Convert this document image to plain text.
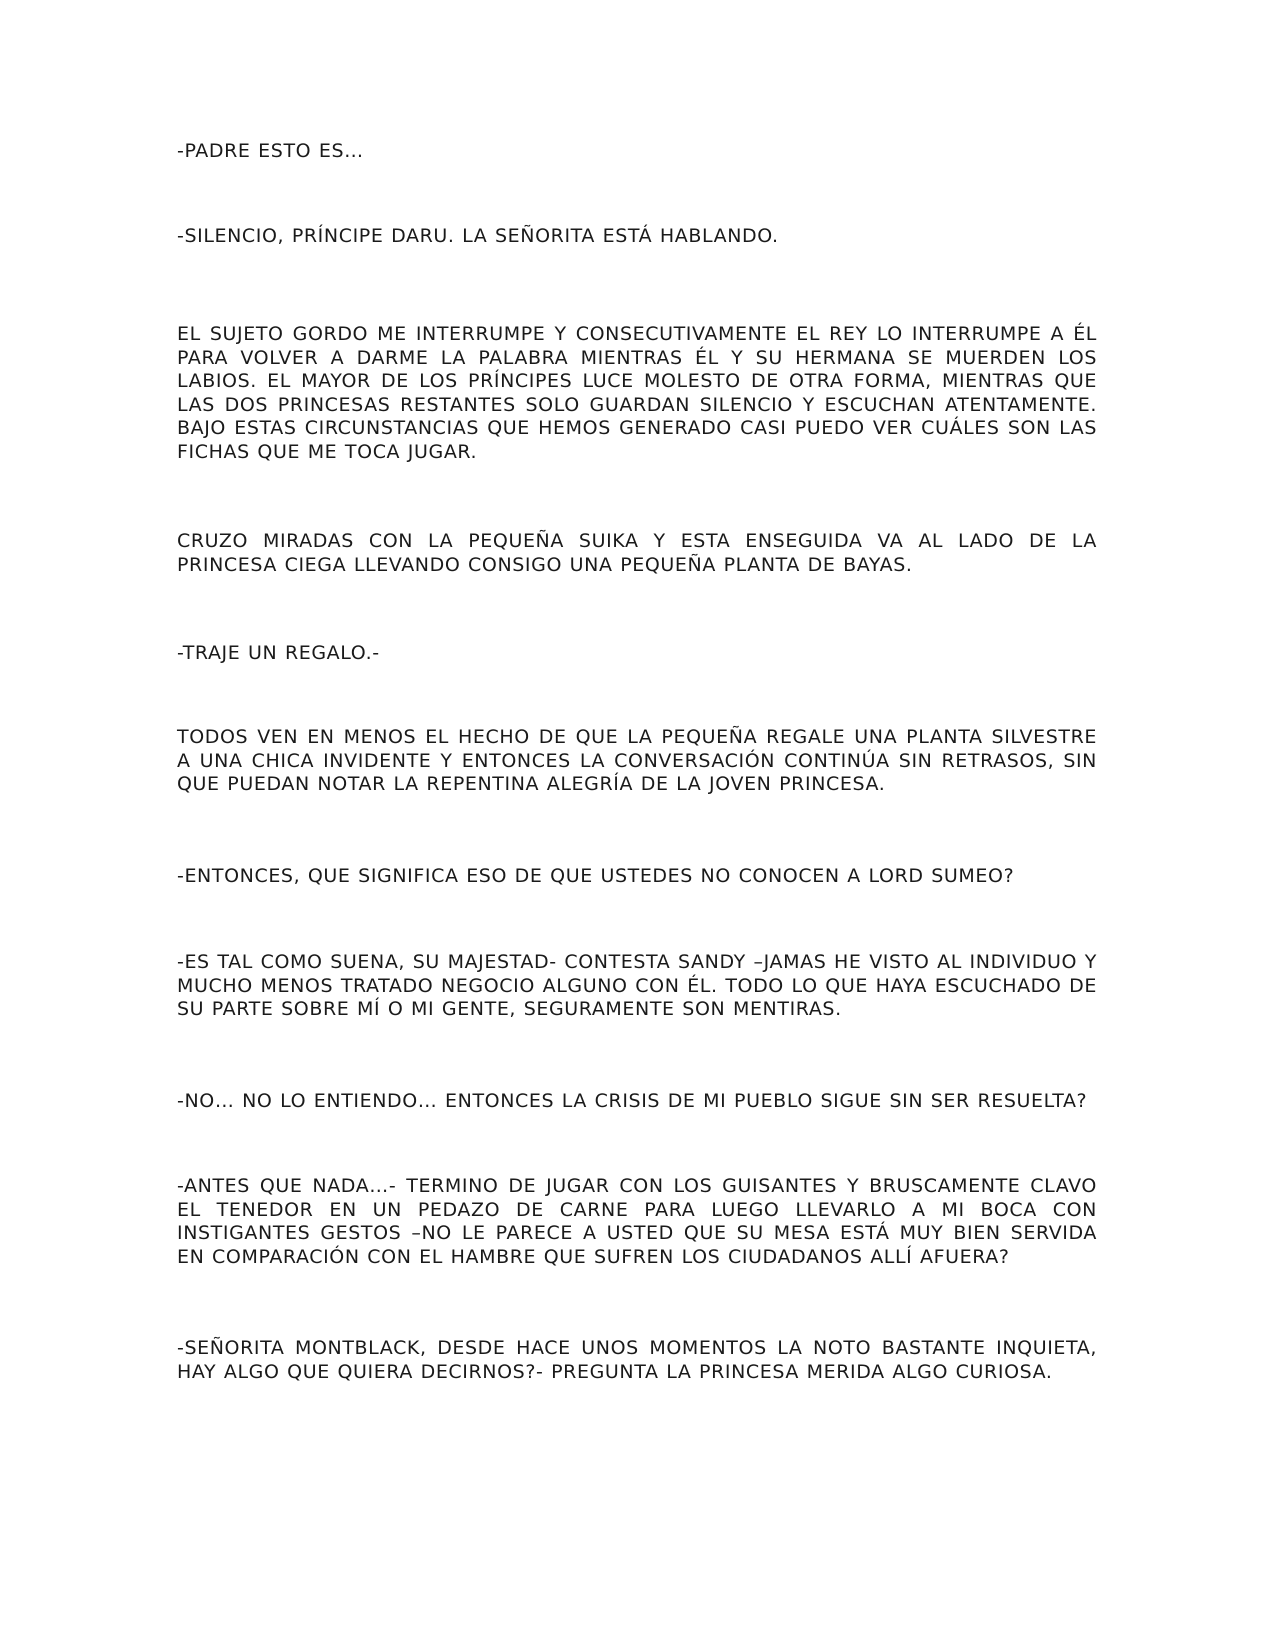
-PADRE ESTO ES…

-SILENCIO, PRÍNCIPE DARU. LA SEÑORITA ESTÁ HABLANDO.

EL SUJETO GORDO ME INTERRUMPE Y CONSECUTIVAMENTE EL REY LO INTERRUMPE A ÉL PARA VOLVER A DARME LA PALABRA MIENTRAS ÉL Y SU HERMANA SE MUERDEN LOS LABIOS. EL MAYOR DE LOS PRÍNCIPES LUCE MOLESTO DE OTRA FORMA, MIENTRAS QUE LAS DOS PRINCESAS RESTANTES SOLO GUARDAN SILENCIO Y ESCUCHAN ATENTAMENTE. BAJO ESTAS CIRCUNSTANCIAS QUE HEMOS GENERADO CASI PUEDO VER CUÁLES SON LAS FICHAS QUE ME TOCA JUGAR.

CRUZO MIRADAS CON LA PEQUEÑA SUIKA Y ESTA ENSEGUIDA VA AL LADO DE LA PRINCESA CIEGA LLEVANDO CONSIGO UNA PEQUEÑA PLANTA DE BAYAS.

-TRAJE UN REGALO.-

TODOS VEN EN MENOS EL HECHO DE QUE LA PEQUEÑA REGALE UNA PLANTA SILVESTRE A UNA CHICA INVIDENTE Y ENTONCES LA CONVERSACIÓN CONTINÚA SIN RETRASOS, SIN QUE PUEDAN NOTAR LA REPENTINA ALEGRÍA DE LA JOVEN PRINCESA.

-ENTONCES, QUE SIGNIFICA ESO DE QUE USTEDES NO CONOCEN A LORD SUMEO?

-ES TAL COMO SUENA, SU MAJESTAD- CONTESTA SANDY –JAMAS HE VISTO AL INDIVIDUO Y MUCHO MENOS TRATADO NEGOCIO ALGUNO CON ÉL. TODO LO QUE HAYA ESCUCHADO DE SU PARTE SOBRE MÍ O MI GENTE, SEGURAMENTE SON MENTIRAS.

-NO… NO LO ENTIENDO… ENTONCES LA CRISIS DE MI PUEBLO SIGUE SIN SER RESUELTA?

-ANTES QUE NADA…- TERMINO DE JUGAR CON LOS GUISANTES Y BRUSCAMENTE CLAVO EL TENEDOR EN UN PEDAZO DE CARNE PARA LUEGO LLEVARLO A MI BOCA CON INSTIGANTES GESTOS –NO LE PARECE A USTED QUE SU MESA ESTÁ MUY BIEN SERVIDA EN COMPARACIÓN CON EL HAMBRE QUE SUFREN LOS CIUDADANOS ALLÍ AFUERA?

-SEÑORITA MONTBLACK, DESDE HACE UNOS MOMENTOS LA NOTO BASTANTE INQUIETA, HAY ALGO QUE QUIERA DECIRNOS?- PREGUNTA LA PRINCESA MERIDA ALGO CURIOSA.
